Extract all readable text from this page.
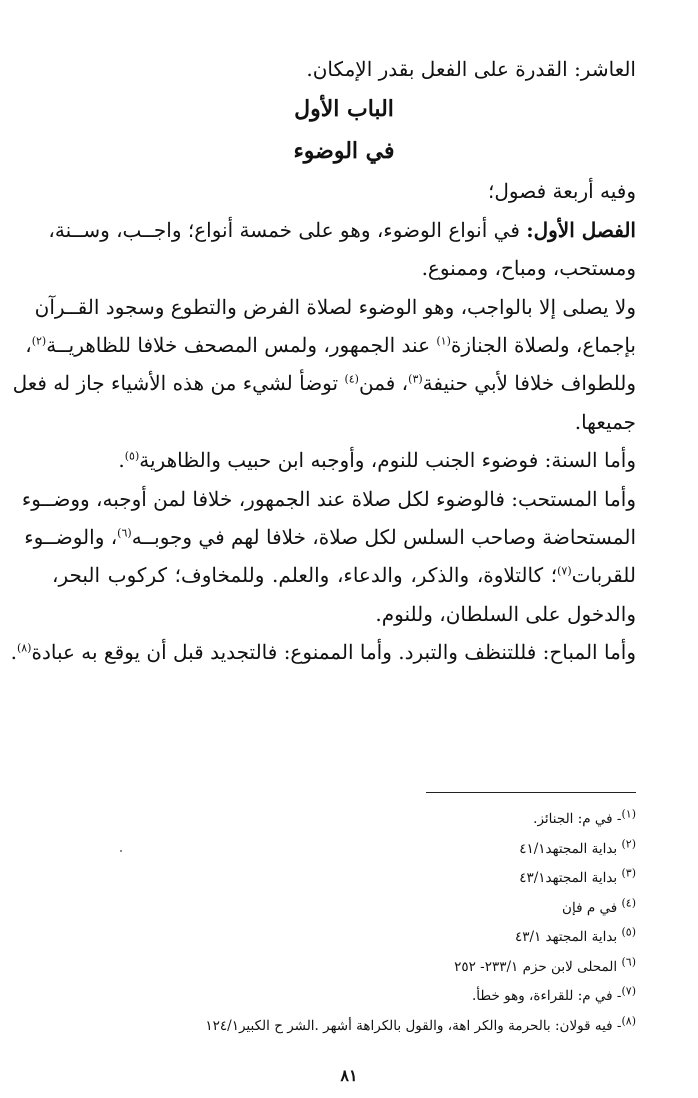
العاشر: القدرة على الفعل بقدر الإمكان.
الباب الأول
في الوضوء
وفيه أربعة فصول؛

الفصل الأول: في أنواع الوضوء، وهو على خمسة أنواع؛ واجــب، وســنة،
ومستحب، ومباح، وممنوع.

ولا يصلى إلا بالواجب، وهو الوضوء لصلاة الفرض والتطوع وسجود القــرآن
بإجماع، ولصلاة الجنازة$^{(١)}$ عند الجمهور، ولمس المصحف خلافا للظاهريــة$^{(٢)}$،
وللطواف خلافا لأبي حنيفة$^{(٣)}$، فمن$^{(٤)}$ توضأ لشيء من هذه الأشياء جاز له فعل
جميعها.

وأما السنة: فوضوء الجنب للنوم، وأوجبه ابن حبيب والظاهرية$^{(٥)}$.

وأما المستحب: فالوضوء لكل صلاة عند الجمهور، خلافا لمن أوجبه، ووضــوء
المستحاضة وصاحب السلس لكل صلاة، خلافا لهم في وجوبــه$^{(٦)}$، والوضــوء
للقربات$^{(٧)}$؛ كالتلاوة، والذكر، والدعاء، والعلم. وللمخاوف؛ كركوب البحر،
والدخول على السلطان، وللنوم.

وأما المباح: فللتنظف والتبرد. وأما الممنوع: فالتجديد قبل أن يوقع به عبادة$^{(٨)}$.

$^{(١)}$- في م: الجنائز.
$^{(٢)}$ بداية المجتهد٤١/١
$^{(٣)}$ بداية المجتهد٤٣/١
$^{(٤)}$ في م فإن
$^{(٥)}$ بداية المجتهد ٤٣/١
$^{(٦)}$ المحلى لابن حزم ٢٣٣/١- ٢٥٢
$^{(٧)}$- في م: للقراءة، وهو خطأ.
$^{(٨)}$- فيه قولان: بالحرمة والكر اهة، والقول بالكراهة أشهر .الشر ح الكبير١٢٤/١
٨١
